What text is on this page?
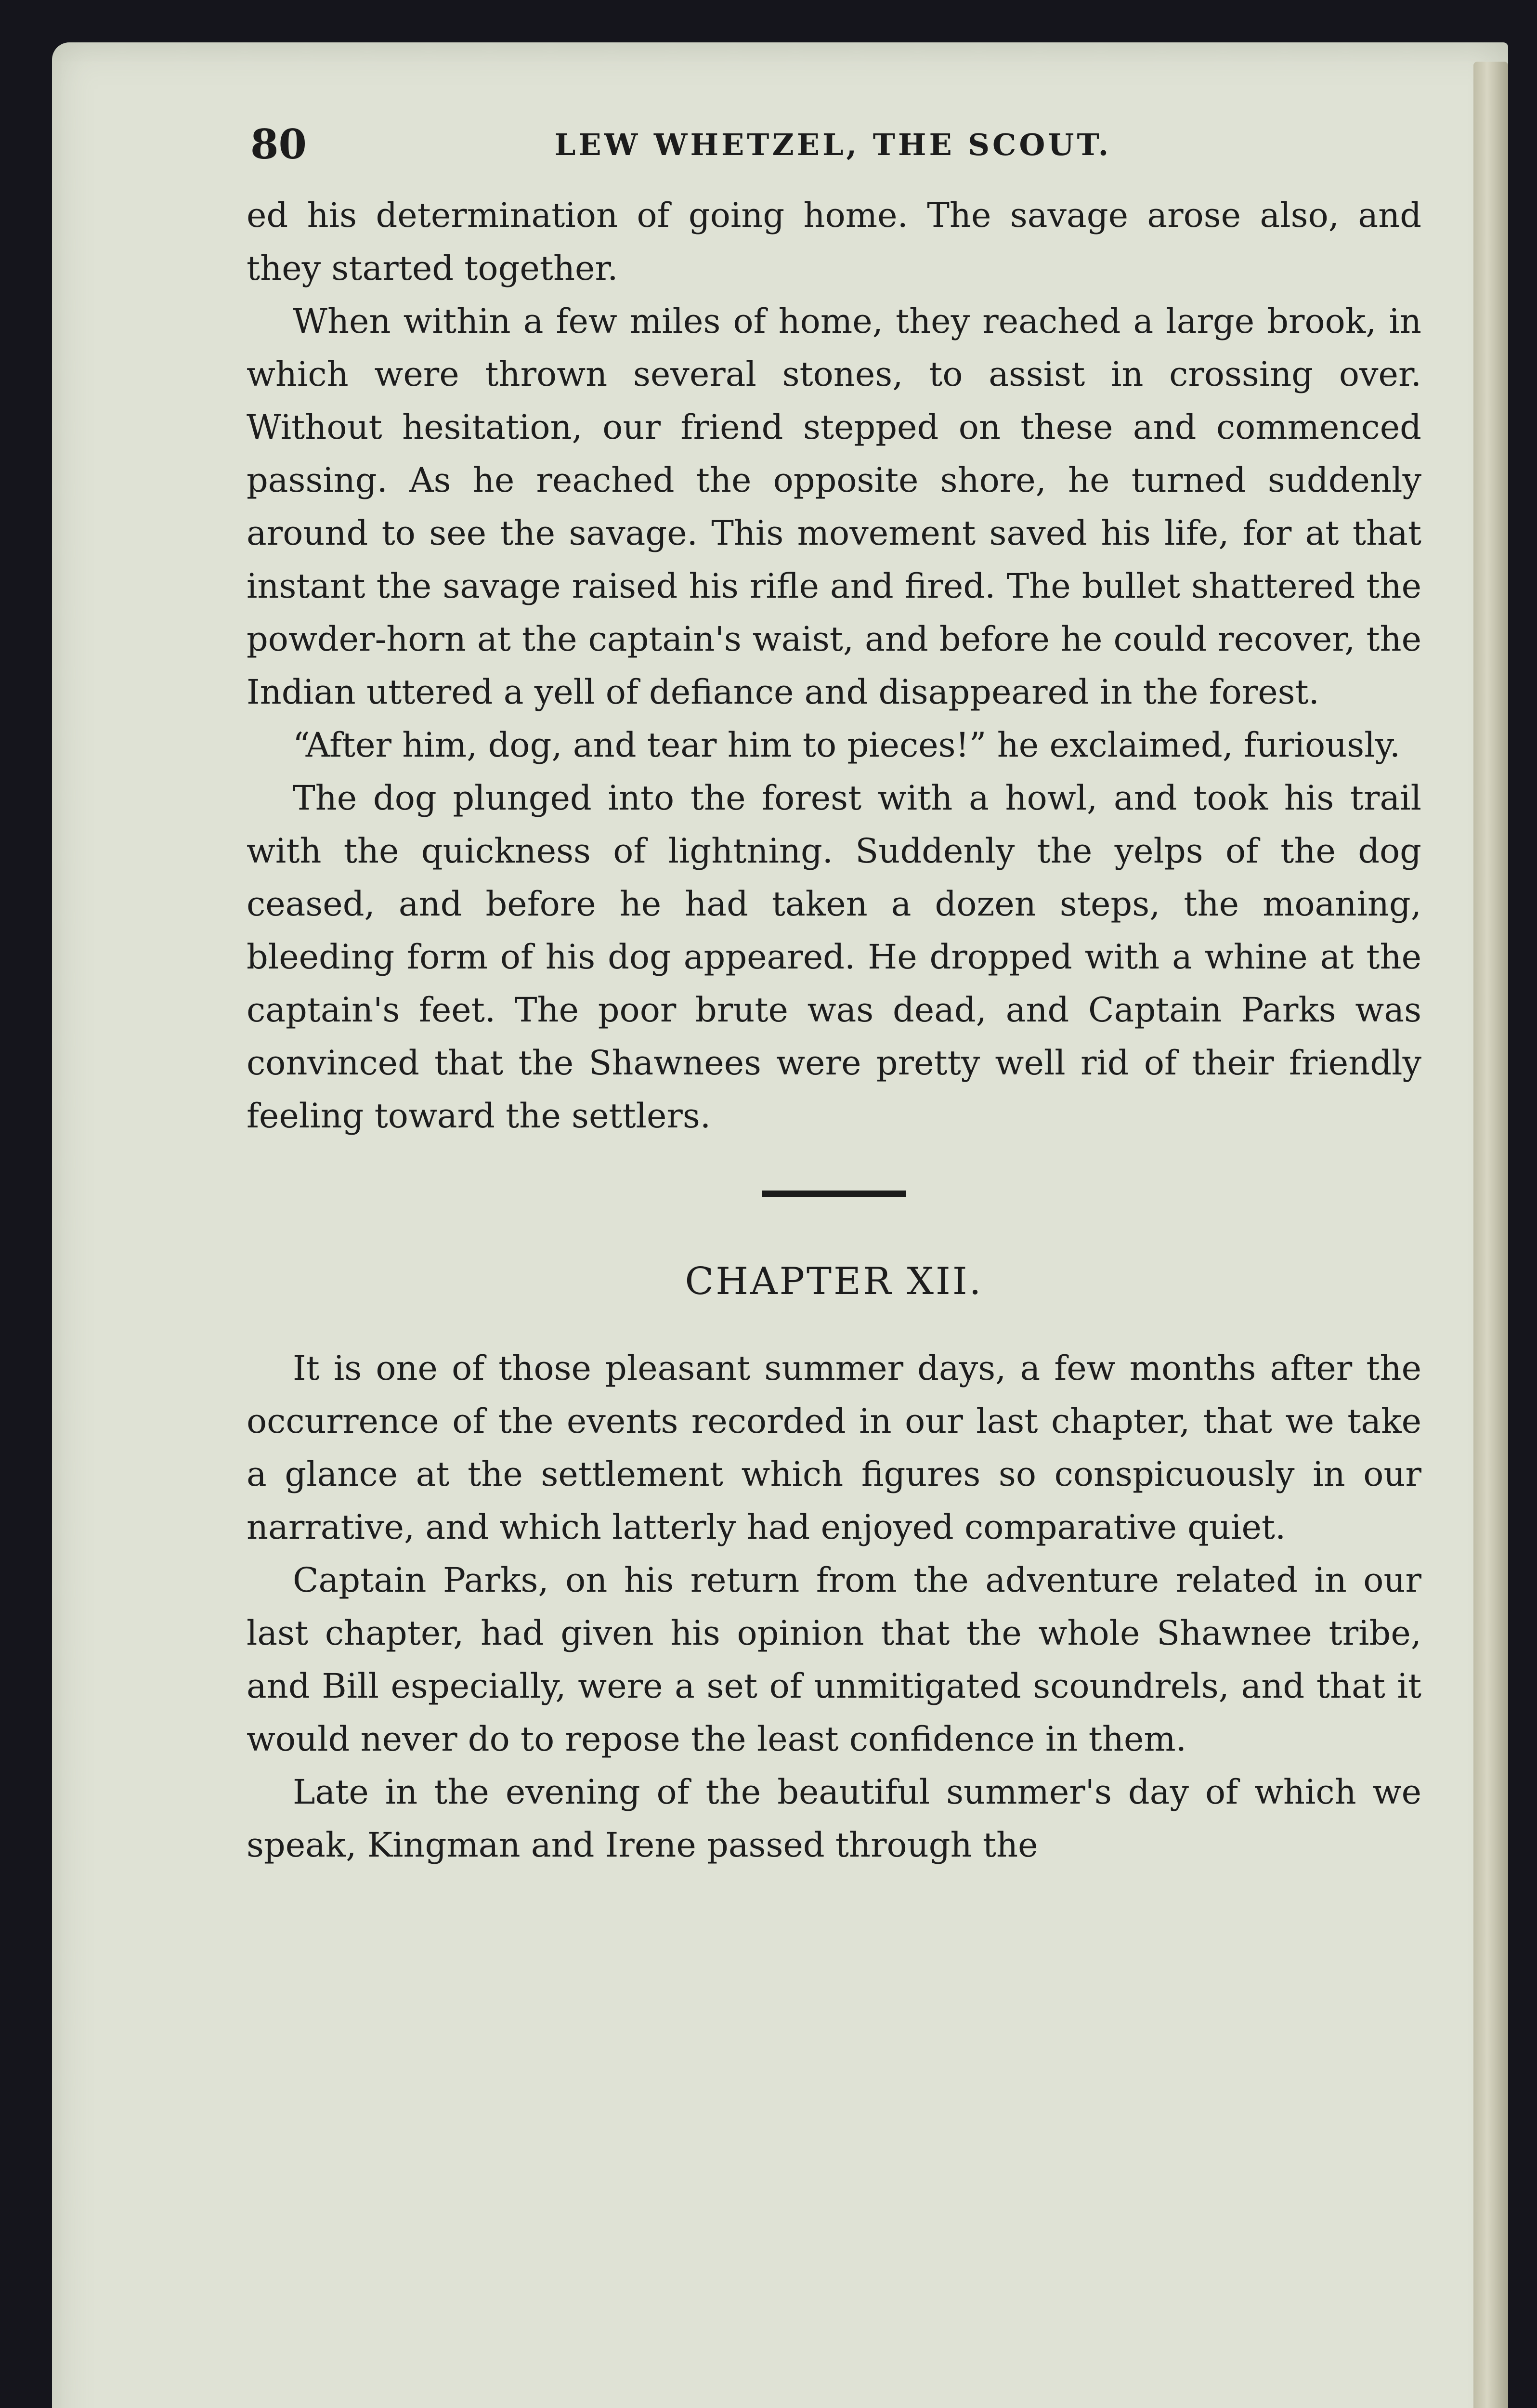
80	LEW WHETZEL, THE SCOUT.

ed his determination of going home. The savage arose also, and they started together.

When within a few miles of home, they reached a large brook, in which were thrown several stones, to assist in crossing over. Without hesitation, our friend stepped on these and commenced passing. As he reached the opposite shore, he turned suddenly around to see the savage. This movement saved his life, for at that instant the savage raised his rifle and fired. The bullet shattered the powder-horn at the captain's waist, and before he could recover, the Indian uttered a yell of defiance and disappeared in the forest.

“After him, dog, and tear him to pieces!” he exclaimed, furiously.

The dog plunged into the forest with a howl, and took his trail with the quickness of lightning. Suddenly the yelps of the dog ceased, and before he had taken a dozen steps, the moaning, bleeding form of his dog appeared. He dropped with a whine at the captain's feet. The poor brute was dead, and Captain Parks was convinced that the Shawnees were pretty well rid of their friendly feeling toward the settlers.

CHAPTER XII.

It is one of those pleasant summer days, a few months after the occurrence of the events recorded in our last chapter, that we take a glance at the settlement which figures so conspicuously in our narrative, and which latterly had enjoyed comparative quiet.

Captain Parks, on his return from the adventure related in our last chapter, had given his opinion that the whole Shawnee tribe, and Bill especially, were a set of unmitigated scoundrels, and that it would never do to repose the least confidence in them.

Late in the evening of the beautiful summer's day of which we speak, Kingman and Irene passed through the
